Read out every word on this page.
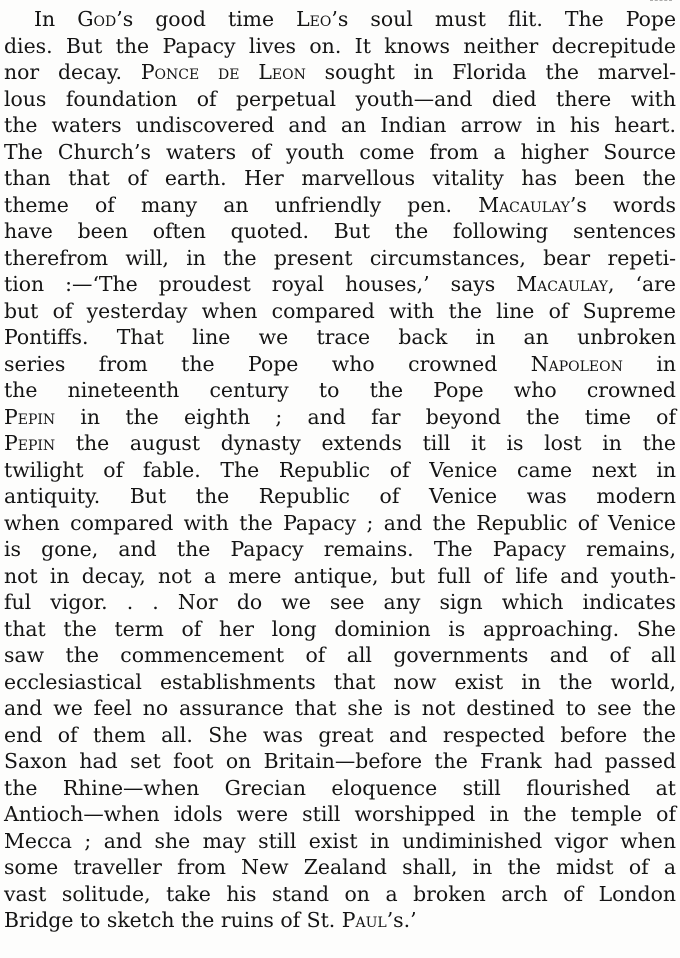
In God’s good time Leo’s soul must flit. The Pope
dies. But the Papacy lives on. It knows neither decrepitude
nor decay. Ponce de Leon sought in Florida the marvel-
lous foundation of perpetual youth—and died there with
the waters undiscovered and an Indian arrow in his heart.
The Church’s waters of youth come from a higher Source
than that of earth. Her marvellous vitality has been the
theme of many an unfriendly pen. Macaulay’s words
have been often quoted. But the following sentences
therefrom will, in the present circumstances, bear repeti-
tion :—‘The proudest royal houses,’ says Macaulay, ‘are
but of yesterday when compared with the line of Supreme
Pontiffs. That line we trace back in an unbroken
series from the Pope who crowned Napoleon in
the nineteenth century to the Pope who crowned
Pepin in the eighth ; and far beyond the time of
Pepin the august dynasty extends till it is lost in the
twilight of fable. The Republic of Venice came next in
antiquity. But the Republic of Venice was modern
when compared with the Papacy ; and the Republic of Venice
is gone, and the Papacy remains. The Papacy remains,
not in decay, not a mere antique, but full of life and youth-
ful vigor. . . Nor do we see any sign which indicates
that the term of her long dominion is approaching. She
saw the commencement of all governments and of all
ecclesiastical establishments that now exist in the world,
and we feel no assurance that she is not destined to see the
end of them all. She was great and respected before the
Saxon had set foot on Britain—before the Frank had passed
the Rhine—when Grecian eloquence still flourished at
Antioch—when idols were still worshipped in the temple of
Mecca ; and she may still exist in undiminished vigor when
some traveller from New Zealand shall, in the midst of a
vast solitude, take his stand on a broken arch of London
Bridge to sketch the ruins of St. Paul’s.’
